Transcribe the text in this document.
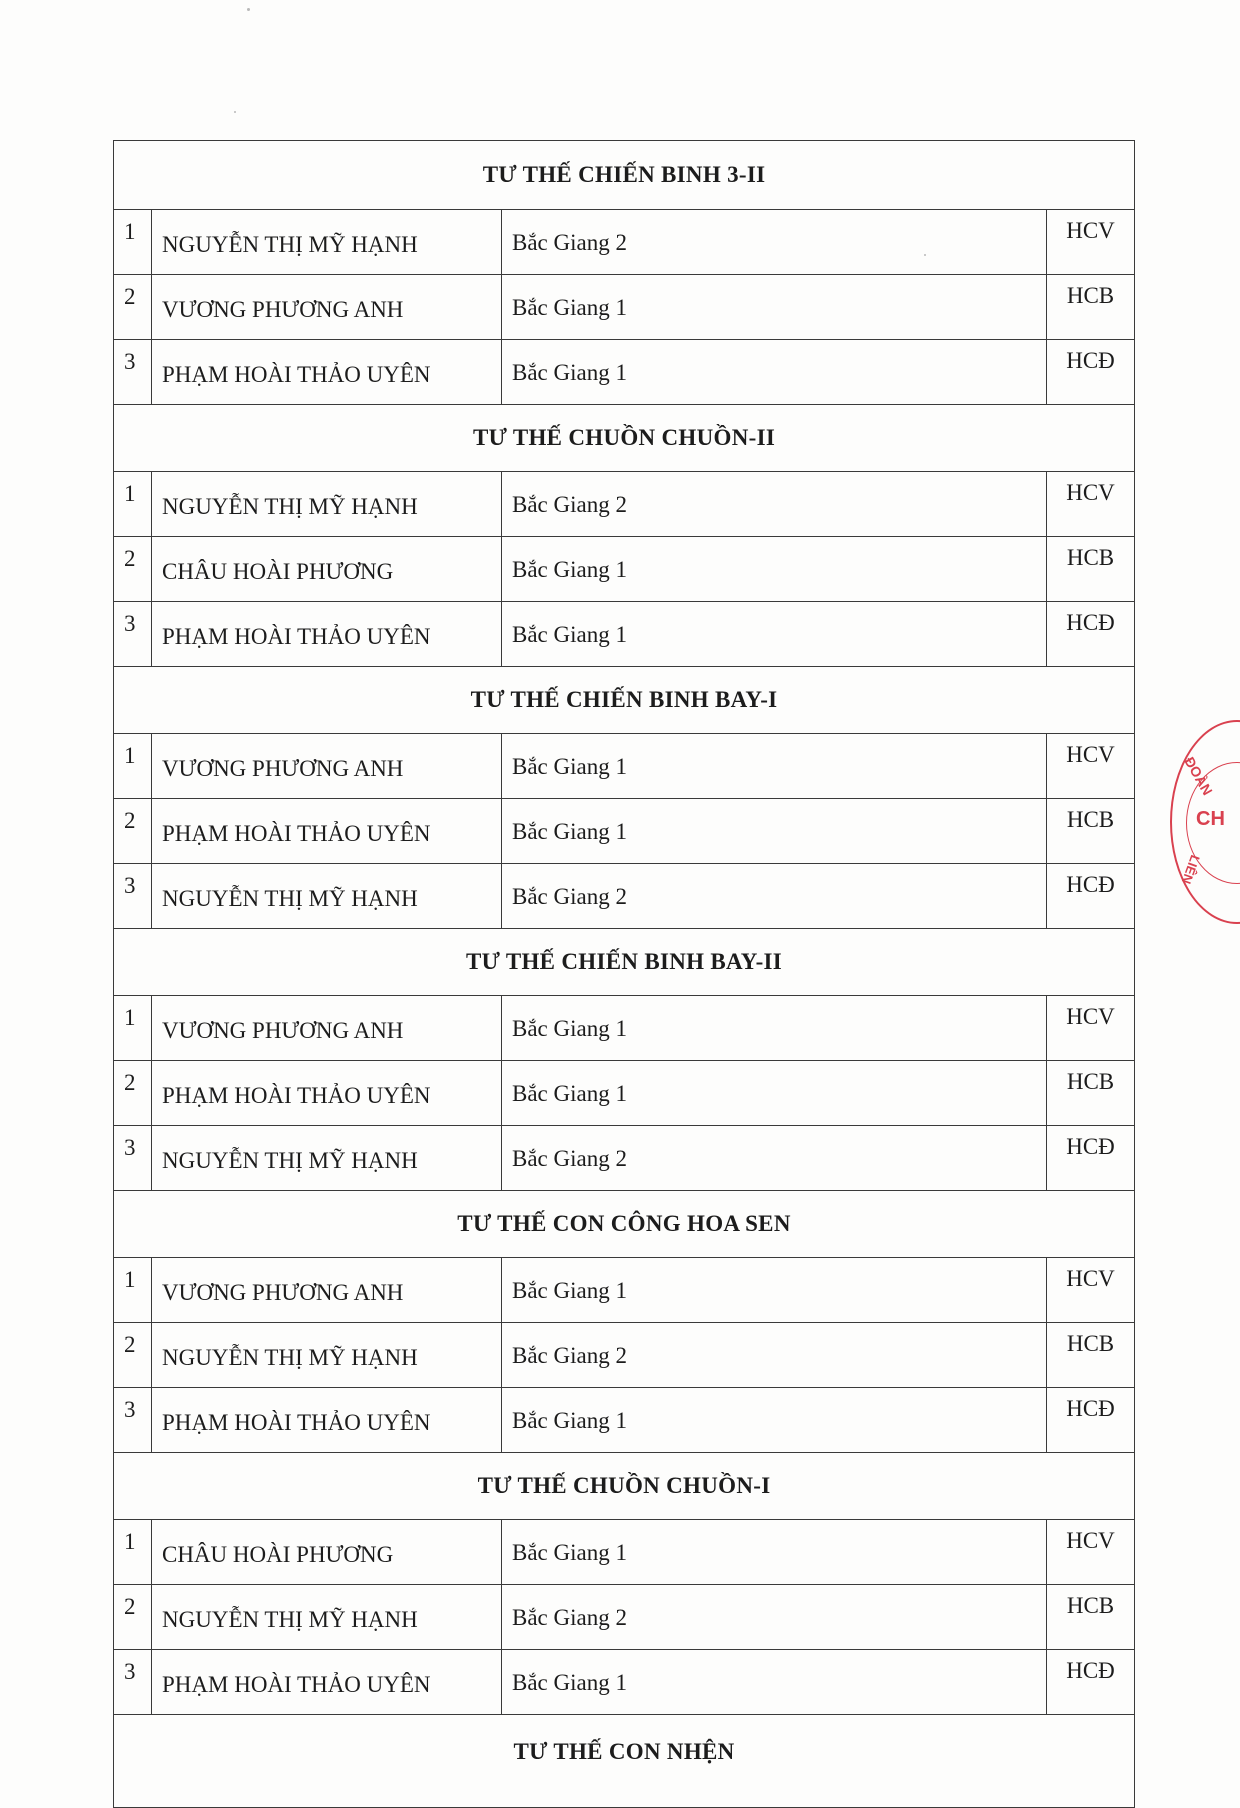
TƯ THẾ CHIẾN BINH 3-II			
1	NGUYỄN THỊ MỸ HẠNH	Bắc Giang 2	HCV
2	VƯƠNG PHƯƠNG ANH	Bắc Giang 1	HCB
3	PHẠM HOÀI THẢO UYÊN	Bắc Giang 1	HCĐ
TƯ THẾ CHUỒN CHUỒN-II			
1	NGUYỄN THỊ MỸ HẠNH	Bắc Giang 2	HCV
2	CHÂU HOÀI PHƯƠNG	Bắc Giang 1	HCB
3	PHẠM HOÀI THẢO UYÊN	Bắc Giang 1	HCĐ
TƯ THẾ CHIẾN BINH BAY-I			
1	VƯƠNG PHƯƠNG ANH	Bắc Giang 1	HCV
2	PHẠM HOÀI THẢO UYÊN	Bắc Giang 1	HCB
3	NGUYỄN THỊ MỸ HẠNH	Bắc Giang 2	HCĐ
TƯ THẾ CHIẾN BINH BAY-II			
1	VƯƠNG PHƯƠNG ANH	Bắc Giang 1	HCV
2	PHẠM HOÀI THẢO UYÊN	Bắc Giang 1	HCB
3	NGUYỄN THỊ MỸ HẠNH	Bắc Giang 2	HCĐ
TƯ THẾ CON CÔNG HOA SEN			
1	VƯƠNG PHƯƠNG ANH	Bắc Giang 1	HCV
2	NGUYỄN THỊ MỸ HẠNH	Bắc Giang 2	HCB
3	PHẠM HOÀI THẢO UYÊN	Bắc Giang 1	HCĐ
TƯ THẾ CHUỒN CHUỒN-I			
1	CHÂU HOÀI PHƯƠNG	Bắc Giang 1	HCV
2	NGUYỄN THỊ MỸ HẠNH	Bắc Giang 2	HCB
3	PHẠM HOÀI THẢO UYÊN	Bắc Giang 1	HCĐ
TƯ THẾ CON NHỆN			
ĐOÀN
CH
LIÊN
